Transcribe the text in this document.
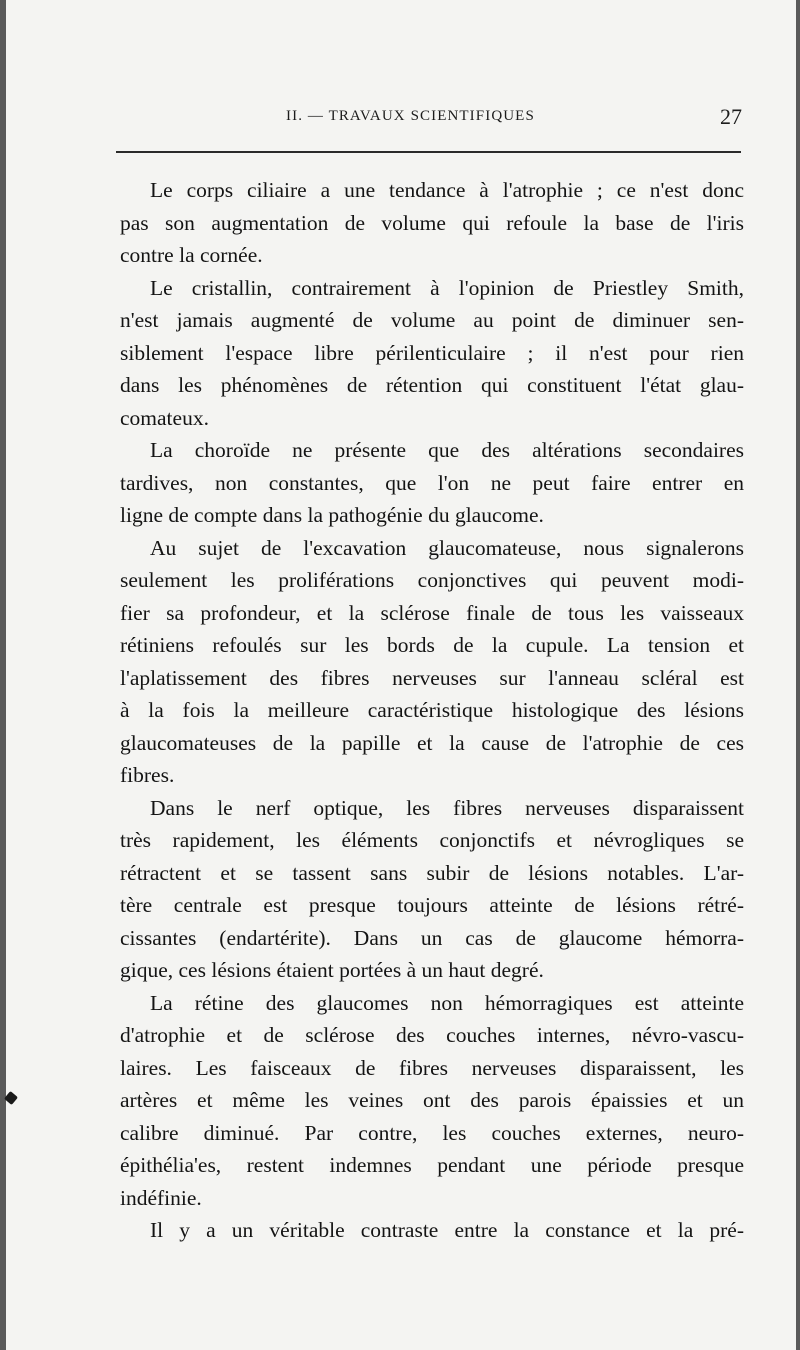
II. — TRAVAUX SCIENTIFIQUES	27
Le corps ciliaire a une tendance à l'atrophie ; ce n'est donc
pas son augmentation de volume qui refoule la base de l'iris
contre la cornée.
Le cristallin, contrairement à l'opinion de Priestley Smith,
n'est jamais augmenté de volume au point de diminuer sen-
siblement l'espace libre périlenticulaire ; il n'est pour rien
dans les phénomènes de rétention qui constituent l'état glau-
comateux.
La choroïde ne présente que des altérations secondaires
tardives, non constantes, que l'on ne peut faire entrer en
ligne de compte dans la pathogénie du glaucome.
Au sujet de l'excavation glaucomateuse, nous signalerons
seulement les proliférations conjonctives qui peuvent modi-
fier sa profondeur, et la sclérose finale de tous les vaisseaux
rétiniens refoulés sur les bords de la cupule. La tension et
l'aplatissement des fibres nerveuses sur l'anneau scléral est
à la fois la meilleure caractéristique histologique des lésions
glaucomateuses de la papille et la cause de l'atrophie de ces
fibres.
Dans le nerf optique, les fibres nerveuses disparaissent
très rapidement, les éléments conjonctifs et névrogliques se
rétractent et se tassent sans subir de lésions notables. L'ar-
tère centrale est presque toujours atteinte de lésions rétré-
cissantes (endartérite). Dans un cas de glaucome hémorra-
gique, ces lésions étaient portées à un haut degré.
La rétine des glaucomes non hémorragiques est atteinte
d'atrophie et de sclérose des couches internes, névro-vascu-
laires. Les faisceaux de fibres nerveuses disparaissent, les
artères et même les veines ont des parois épaissies et un
calibre diminué. Par contre, les couches externes, neuro-
épithélia'es, restent indemnes pendant une période presque
indéfinie.
Il y a un véritable contraste entre la constance et la pré-
